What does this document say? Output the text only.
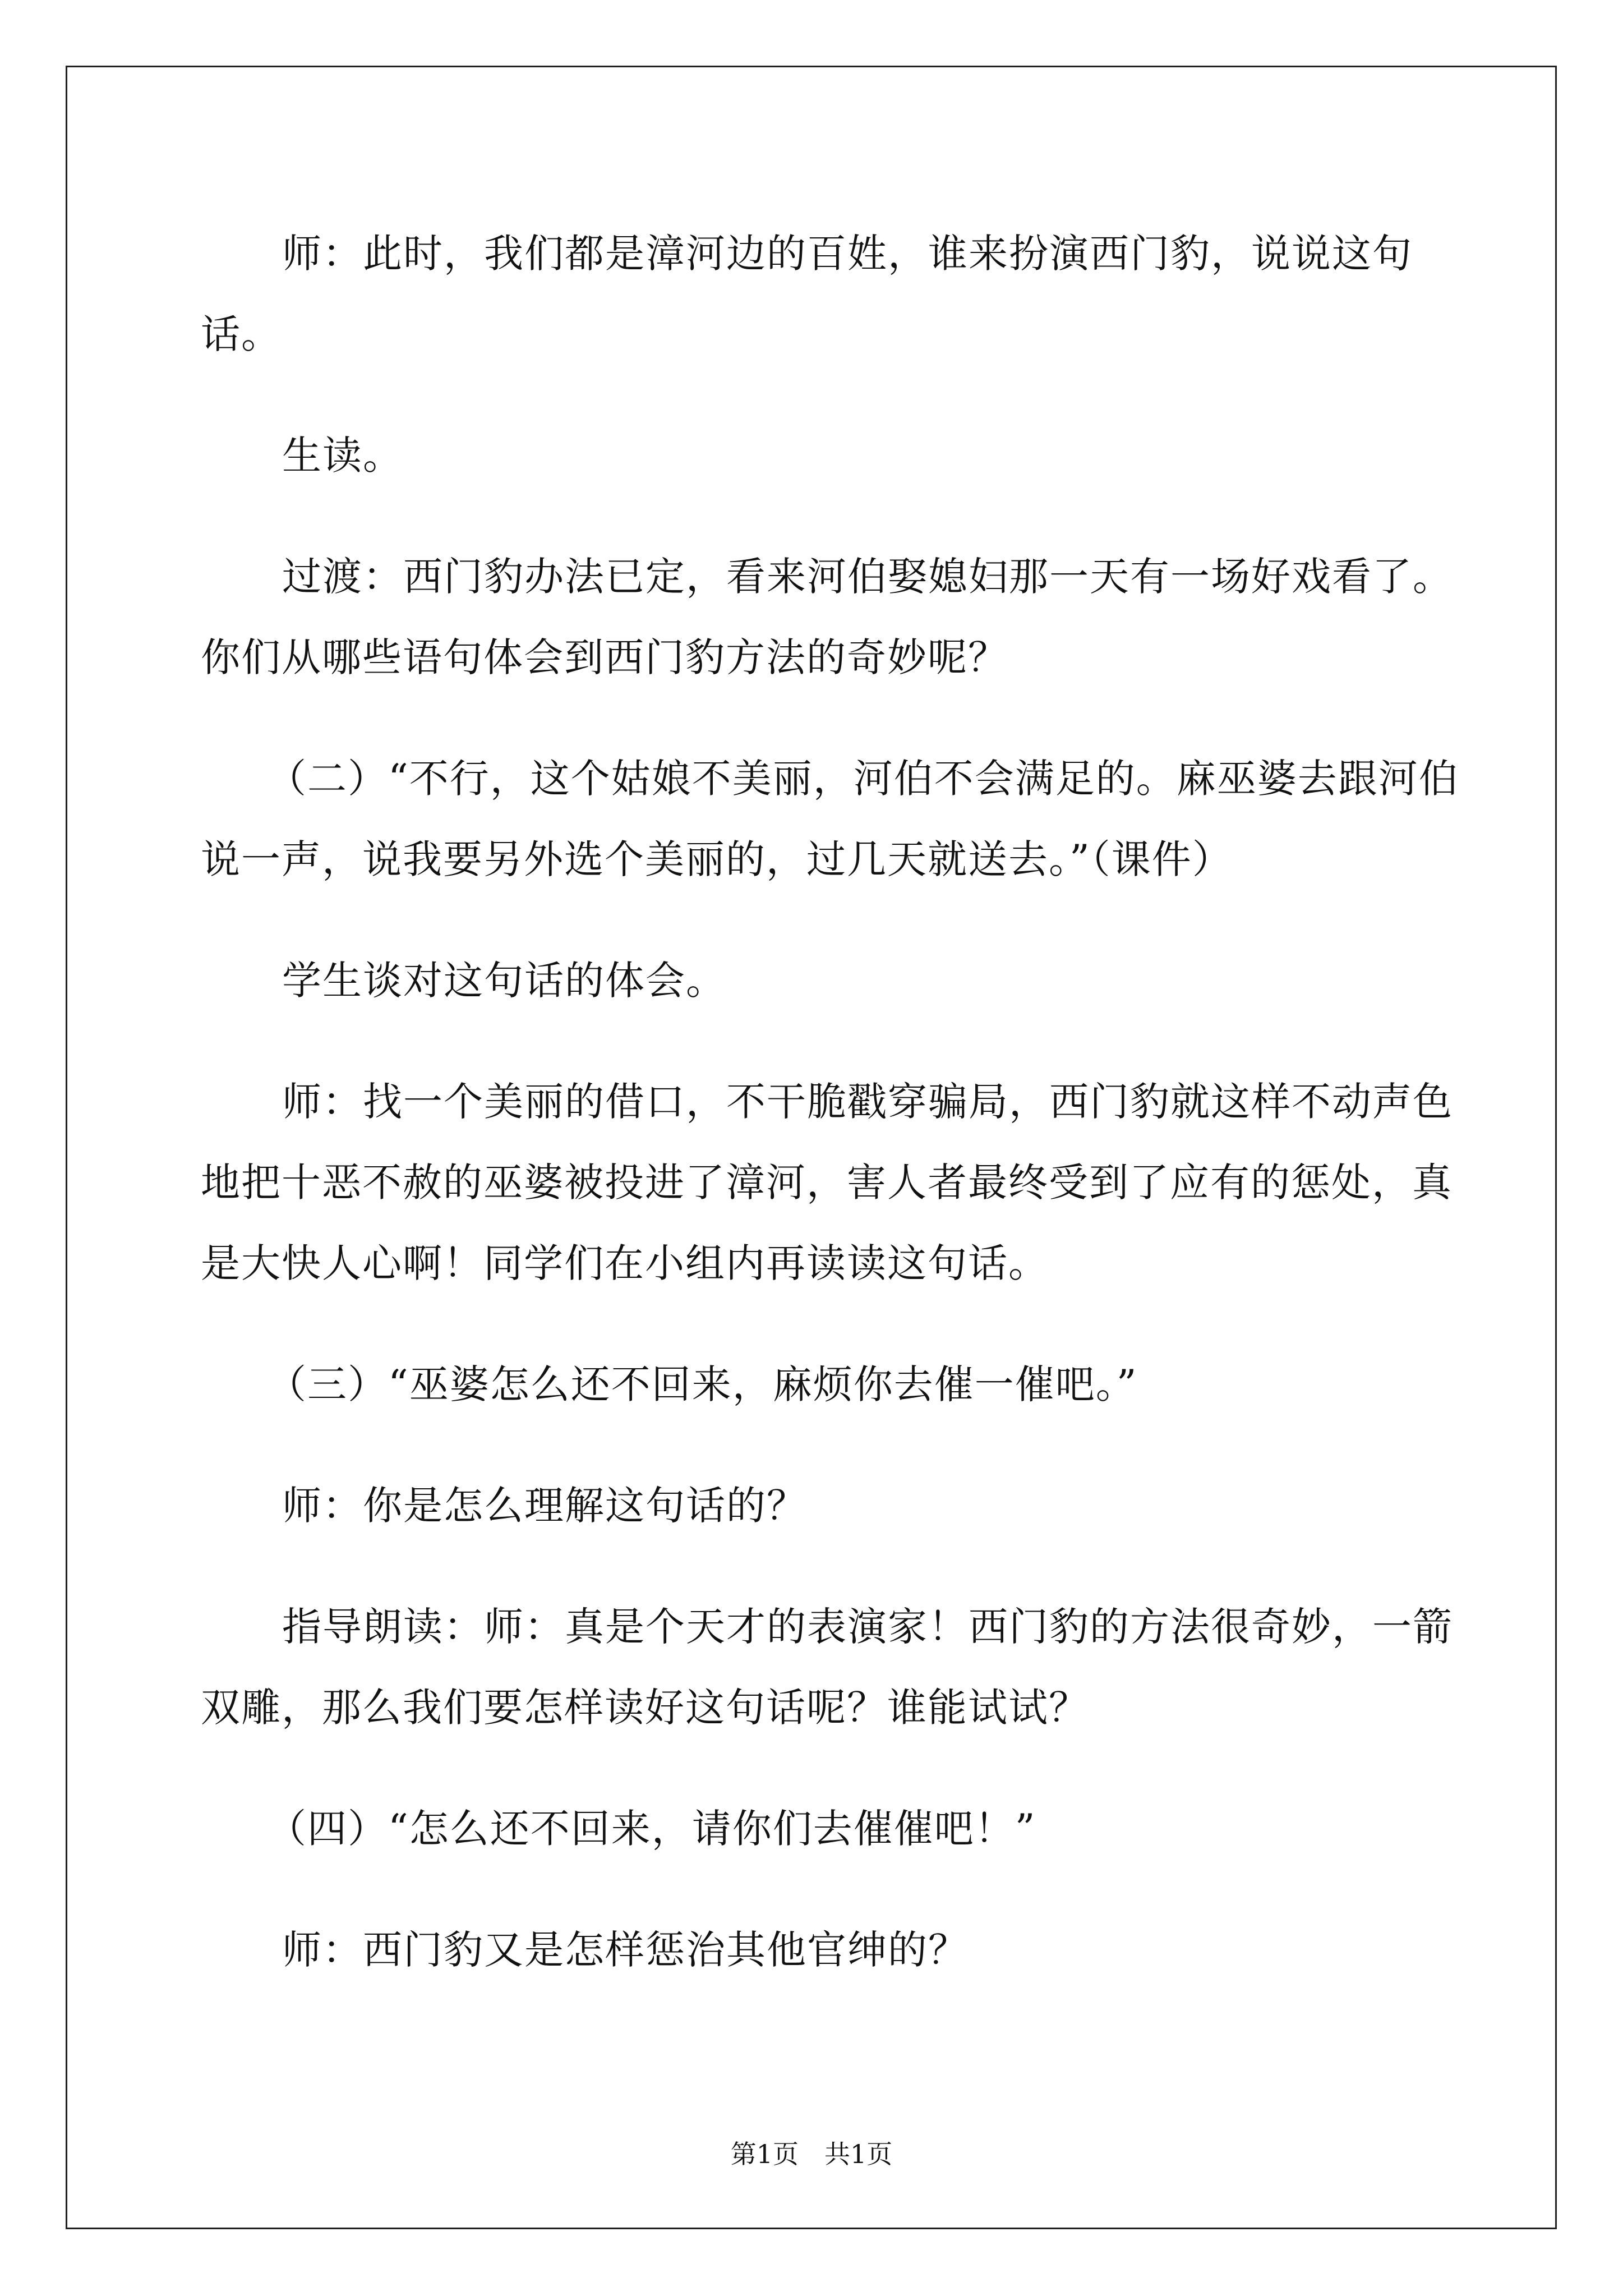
师：此时，我们都是漳河边的百姓，谁来扮演西门豹，说说这句话。

生读。

过渡：西门豹办法已定，看来河伯娶媳妇那一天有一场好戏看了。你们从哪些语句体会到西门豹方法的奇妙呢？

（二）“不行，这个姑娘不美丽，河伯不会满足的。麻巫婆去跟河伯说一声，说我要另外选个美丽的，过几天就送去。”（课件）

学生谈对这句话的体会。

师：找一个美丽的借口，不干脆戳穿骗局，西门豹就这样不动声色地把十恶不赦的巫婆被投进了漳河，害人者最终受到了应有的惩处，真是大快人心啊！同学们在小组内再读读这句话。

（三）“巫婆怎么还不回来，麻烦你去催一催吧。”

师：你是怎么理解这句话的？

指导朗读：师：真是个天才的表演家！西门豹的方法很奇妙，一箭双雕，那么我们要怎样读好这句话呢？谁能试试？

（四）“怎么还不回来，请你们去催催吧！”

师：西门豹又是怎样惩治其他官绅的？

第1页 共1页
